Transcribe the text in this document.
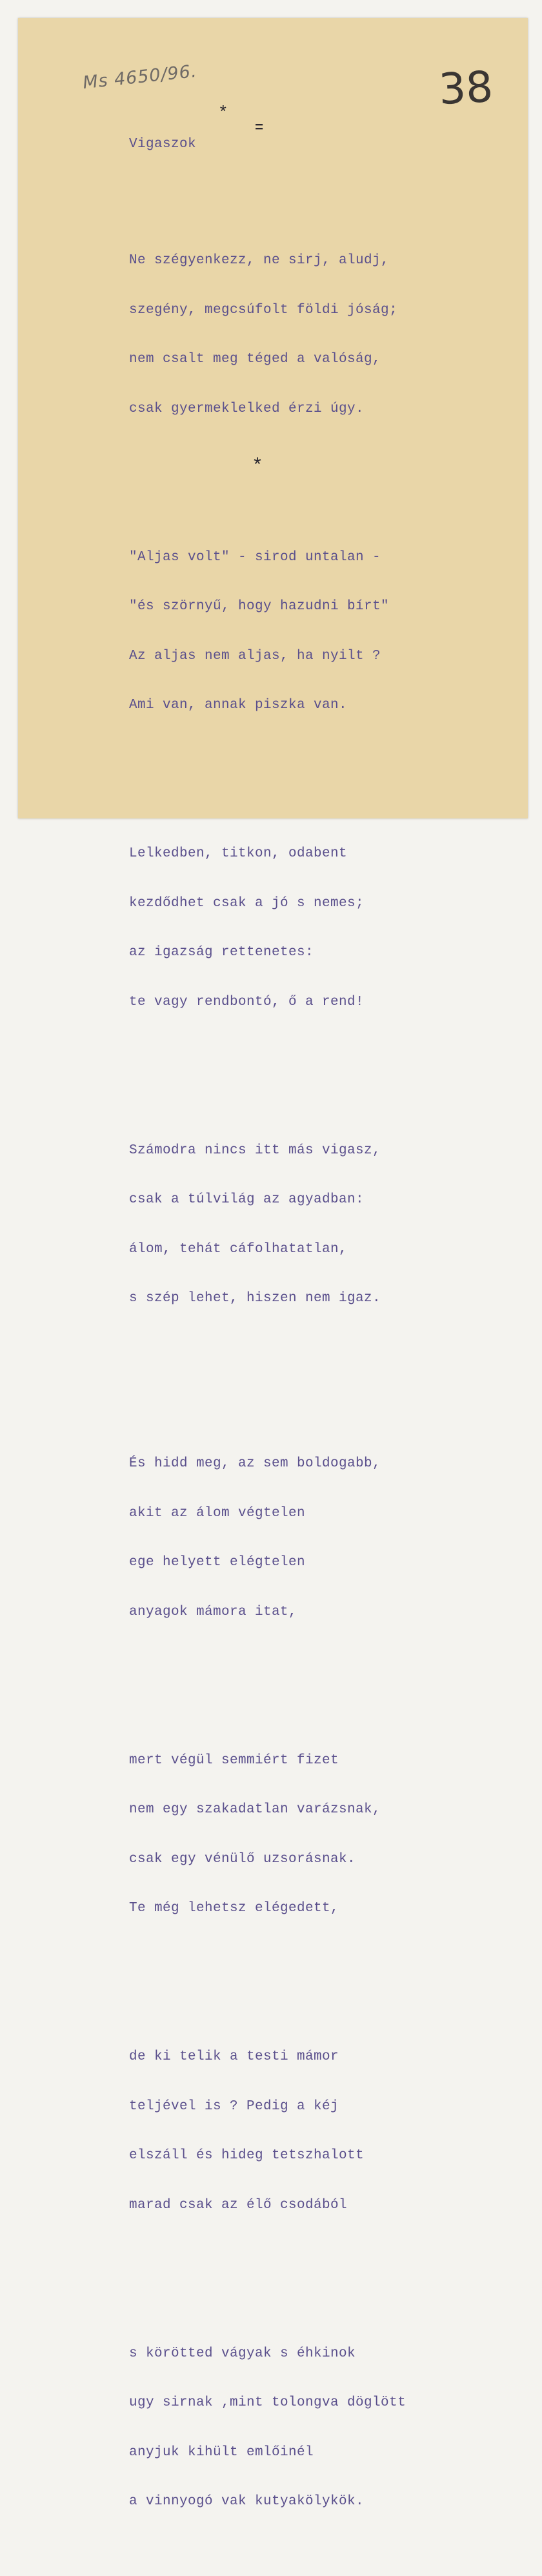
Ms 4650/96.	38
*
=
*

Vigaszok

Ne szégyenkezz, ne sirj, aludj,

szegény, megcsúfolt földi jóság;

nem csalt meg téged a valóság,

csak gyermeklelked érzi úgy.

"Aljas volt" - sirod untalan -

"és szörnyű, hogy hazudni bírt"

Az aljas nem aljas, ha nyilt ?

Ami van, annak piszka van.

Lelkedben, titkon, odabent

kezdődhet csak a jó s nemes;

az igazság rettenetes:

te vagy rendbontó, ő a rend!

Számodra nincs itt más vigasz,

csak a túlvilág az agyadban:

álom, tehát cáfolhatatlan,

s szép lehet, hiszen nem igaz.

És hidd meg, az sem boldogabb,

akit az álom végtelen

ege helyett elégtelen

anyagok mámora itat,

mert végül semmiért fizet

nem egy szakadatlan varázsnak,

csak egy vénülő uzsorásnak.

Te még lehetsz elégedett,

de ki telik a testi mámor

teljével is ? Pedig a kéj

elszáll és hideg tetszhalott

marad csak az élő csodából

s körötted vágyak s éhkinok

ugy sirnak ,mint tolongva döglött

anyjuk kihült emlőinél

a vinnyogó vak kutyakölykök.
